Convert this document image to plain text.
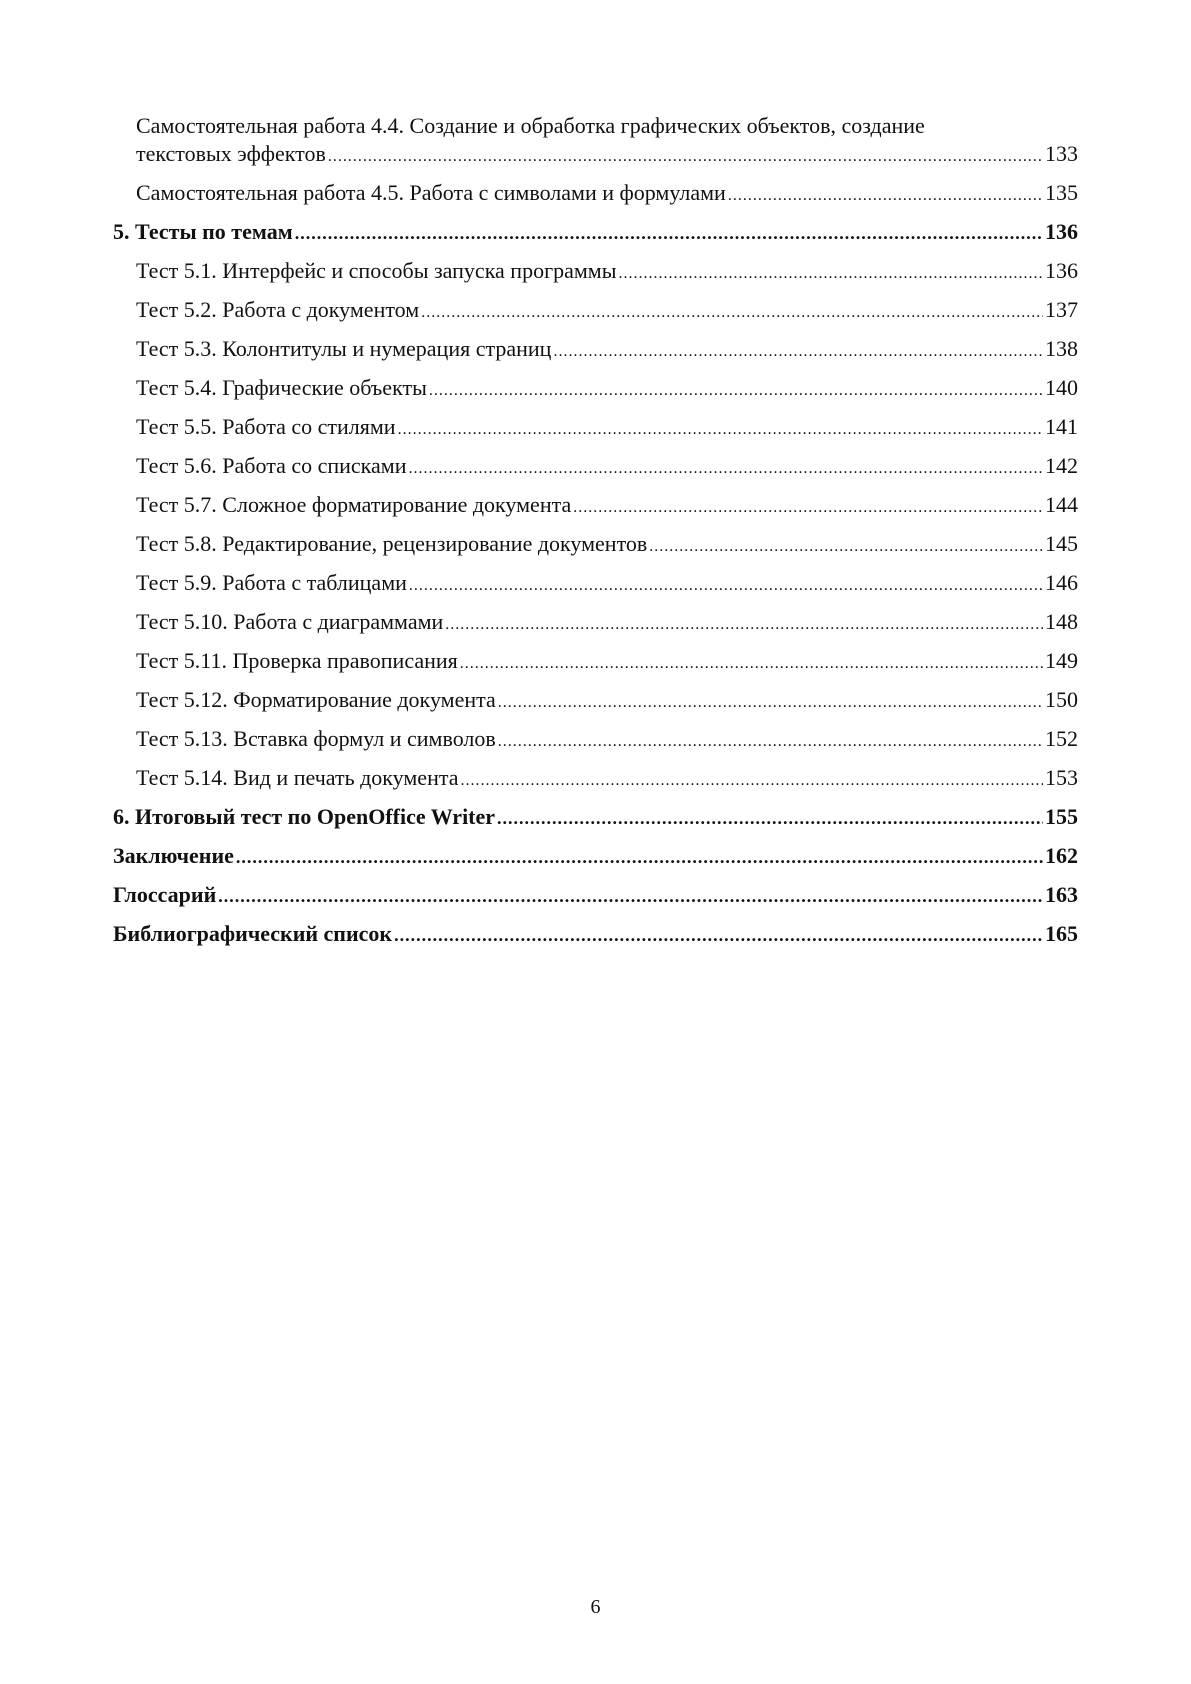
Самостоятельная работа 4.4. Создание и обработка графических объектов, создание
текстовых эффектов .....	133
Самостоятельная работа 4.5. Работа с символами и формулами .....	135
5. Тесты по темам .....	136
Тест 5.1. Интерфейс и способы запуска программы .....	136
Тест 5.2. Работа с документом .....	137
Тест 5.3. Колонтитулы и нумерация страниц .....	138
Тест 5.4. Графические объекты .....	140
Тест 5.5. Работа со стилями .....	141
Тест 5.6. Работа со списками .....	142
Тест 5.7. Сложное форматирование документа .....	144
Тест 5.8. Редактирование, рецензирование документов .....	145
Тест 5.9. Работа с таблицами .....	146
Тест 5.10. Работа с диаграммами .....	148
Тест 5.11. Проверка правописания .....	149
Тест 5.12. Форматирование документа .....	150
Тест 5.13. Вставка формул и символов .....	152
Тест 5.14. Вид и печать документа .....	153
6. Итоговый тест по OpenOffice Writer .....	155
Заключение .....	162
Глоссарий .....	163
Библиографический список .....	165
6
